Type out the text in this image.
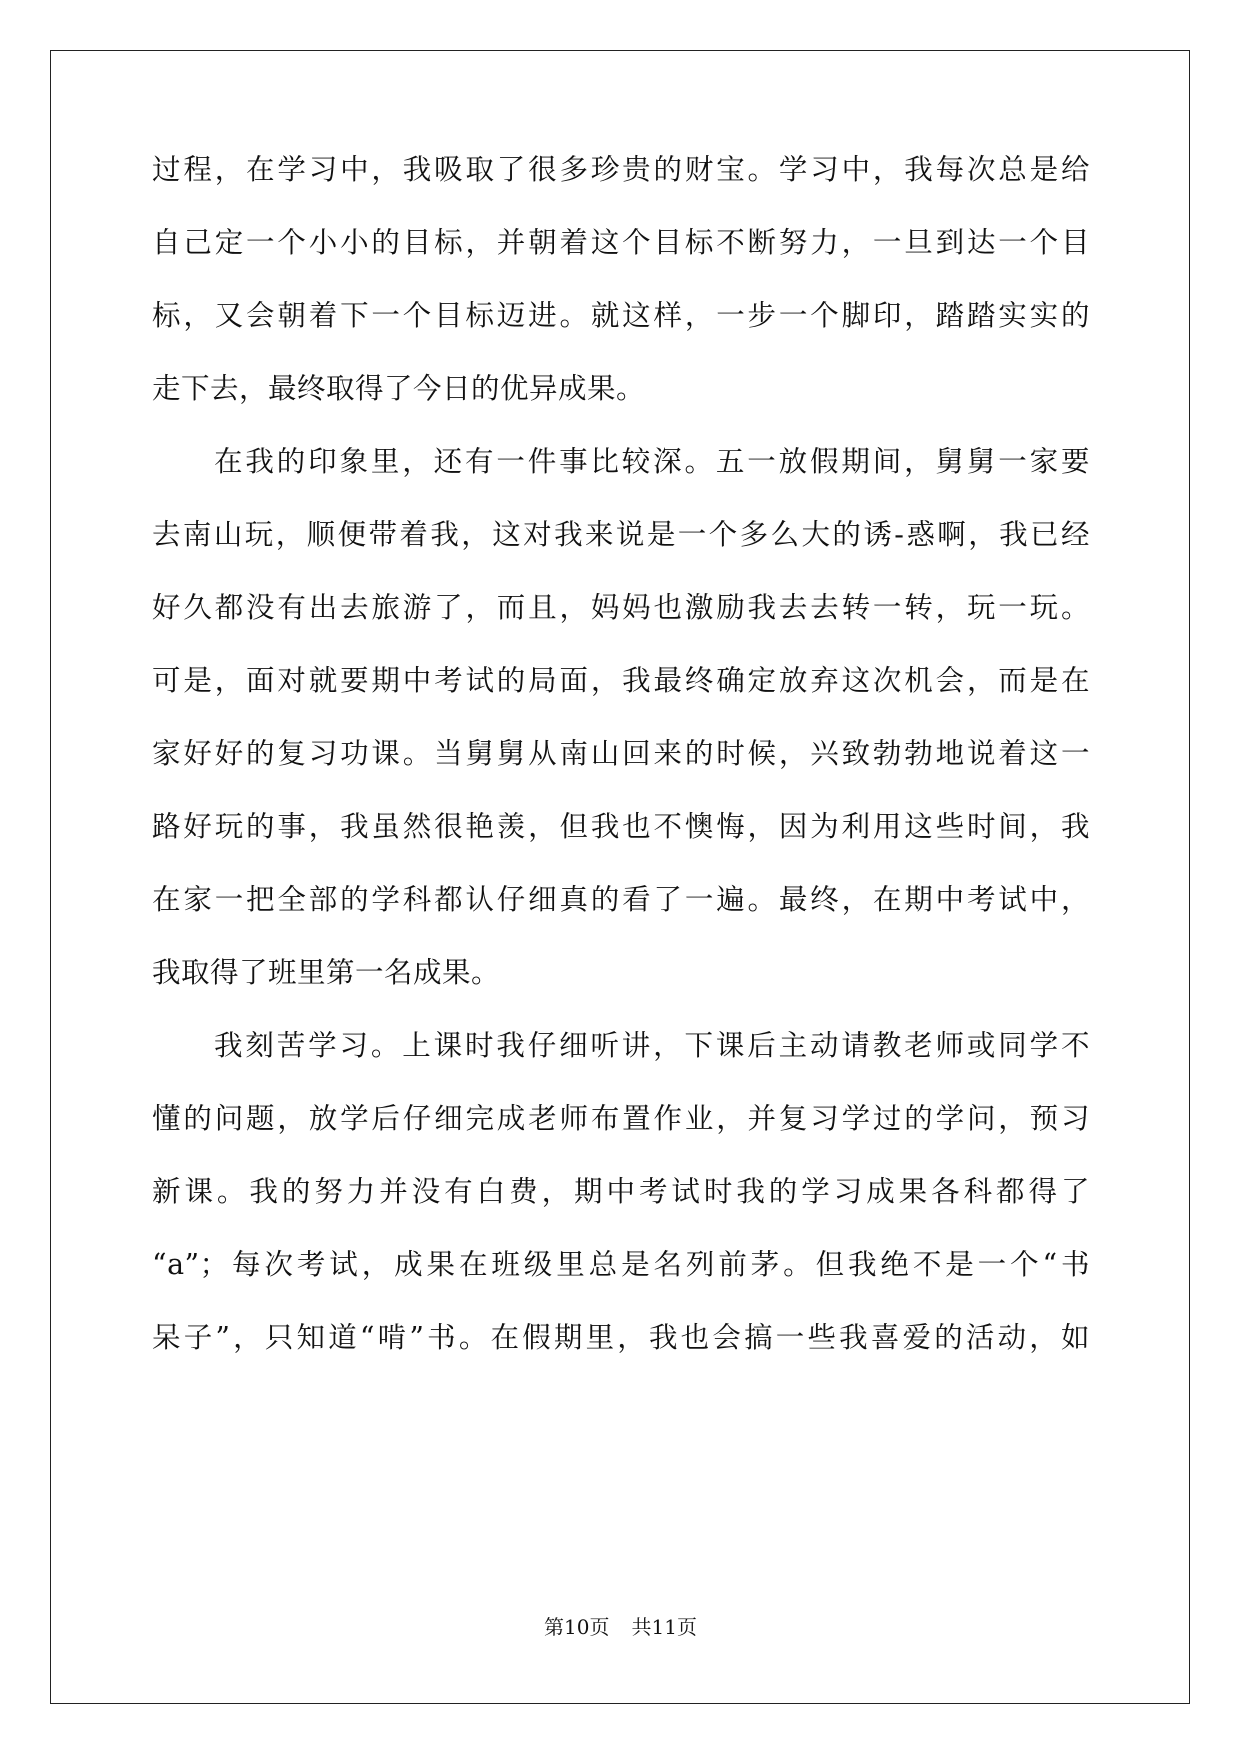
过程，在学习中，我吸取了很多珍贵的财宝。学习中，我每次总是给
自己定一个小小的目标，并朝着这个目标不断努力，一旦到达一个目
标，又会朝着下一个目标迈进。就这样，一步一个脚印，踏踏实实的
走下去，最终取得了今日的优异成果。
在我的印象里，还有一件事比较深。五一放假期间，舅舅一家要
去南山玩，顺便带着我，这对我来说是一个多么大的诱-惑啊，我已经
好久都没有出去旅游了，而且，妈妈也激励我去去转一转，玩一玩。
可是，面对就要期中考试的局面，我最终确定放弃这次机会，而是在
家好好的复习功课。当舅舅从南山回来的时候，兴致勃勃地说着这一
路好玩的事，我虽然很艳羡，但我也不懊悔，因为利用这些时间，我
在家一把全部的学科都认仔细真的看了一遍。最终，在期中考试中，
我取得了班里第一名成果。
我刻苦学习。上课时我仔细听讲，下课后主动请教老师或同学不
懂的问题，放学后仔细完成老师布置作业，并复习学过的学问，预习
新课。我的努力并没有白费，期中考试时我的学习成果各科都得了
“a”；每次考试，成果在班级里总是名列前茅。但我绝不是一个“书
呆子”，只知道“啃”书。在假期里，我也会搞一些我喜爱的活动，如
第10页 共11页
